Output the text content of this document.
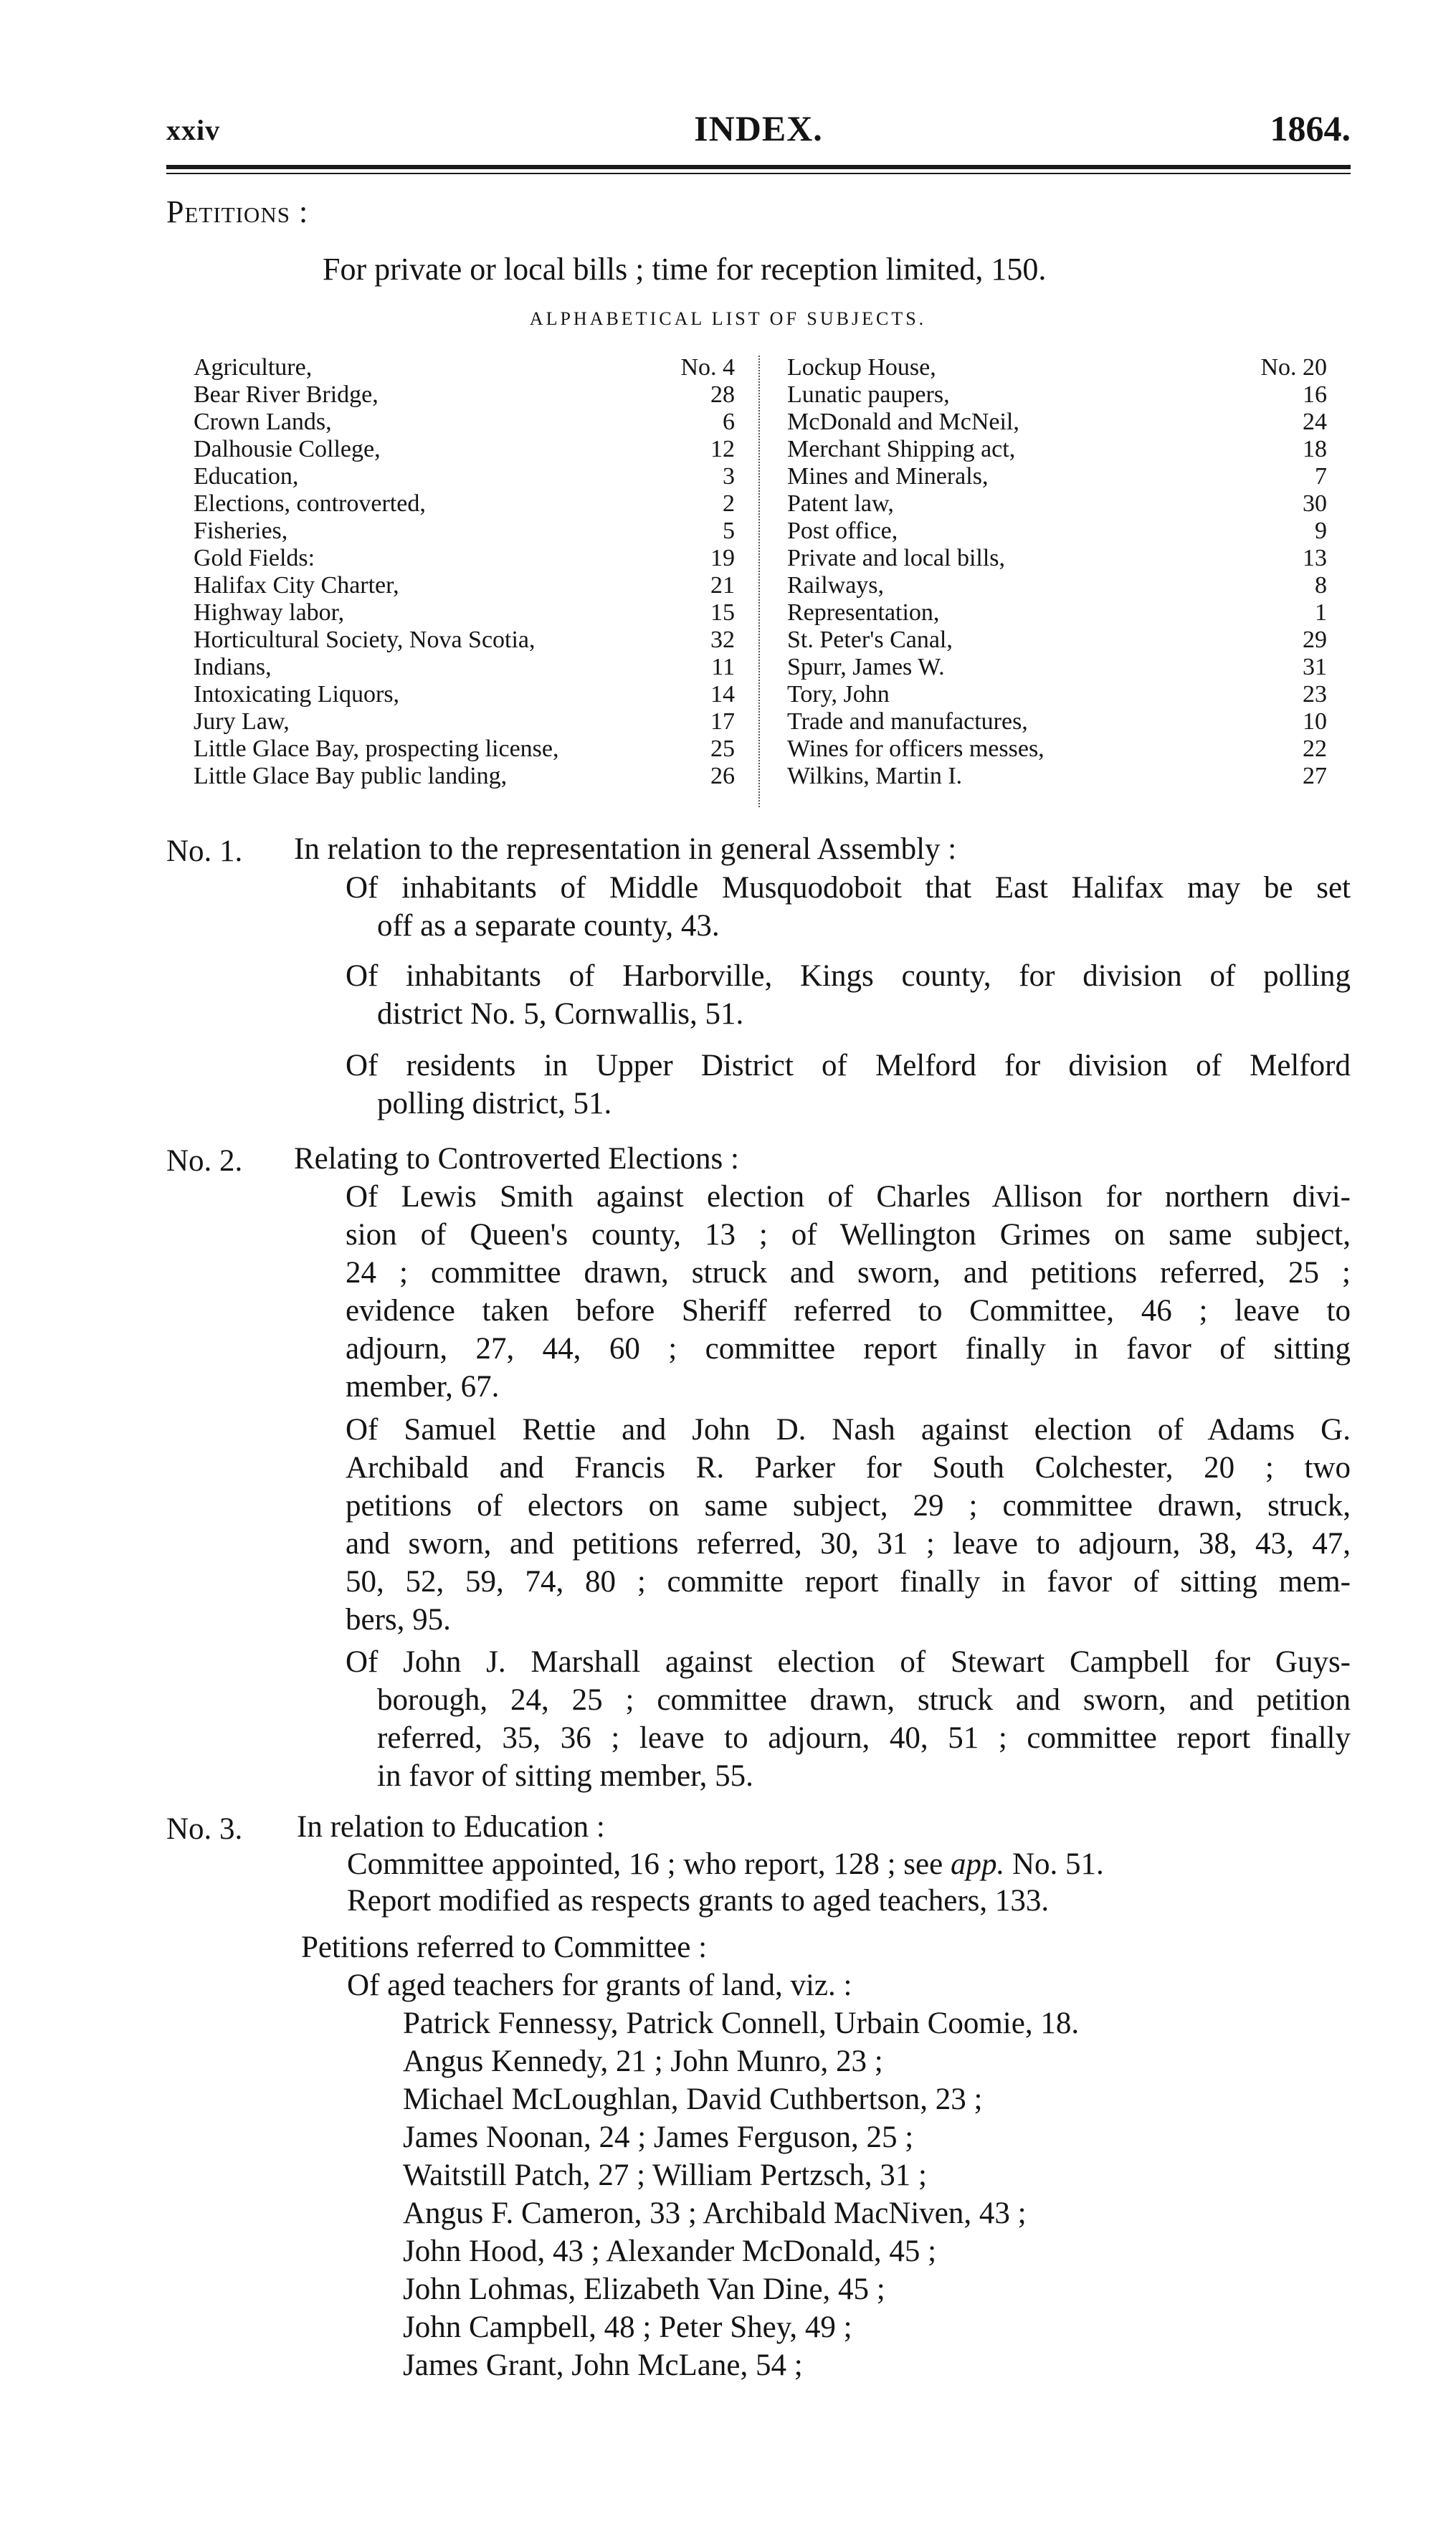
xxiv	INDEX.	1864.
Petitions :
For private or local bills ; time for reception limited, 150.
ALPHABETICAL LIST OF SUBJECTS.
Agriculture,	No. 4
Bear River Bridge,	28
Crown Lands,	6
Dalhousie College,	12
Education,	3
Elections, controverted,	2
Fisheries,	5
Gold Fields:	19
Halifax City Charter,	21
Highway labor,	15
Horticultural Society, Nova Scotia,	32
Indians,	11
Intoxicating Liquors,	14
Jury Law,	17
Little Glace Bay, prospecting license,	25
Little Glace Bay public landing,	26
Lockup House,	No. 20
Lunatic paupers,	16
McDonald and McNeil,	24
Merchant Shipping act,	18
Mines and Minerals,	7
Patent law,	30
Post office,	9
Private and local bills,	13
Railways,	8
Representation,	1
St. Peter's Canal,	29
Spurr, James W.	31
Tory, John	23
Trade and manufactures,	10
Wines for officers messes,	22
Wilkins, Martin I.	27
No. 1. In relation to the representation in general Assembly :
Of inhabitants of Middle Musquodoboit that East Halifax may be set
off as a separate county, 43.
Of inhabitants of Harborville, Kings county, for division of polling
district No. 5, Cornwallis, 51.
Of residents in Upper District of Melford for division of Melford
polling district, 51.
No. 2. Relating to Controverted Elections :
Of Lewis Smith against election of Charles Allison for northern divi-
sion of Queen's county, 13 ; of Wellington Grimes on same subject,
24 ; committee drawn, struck and sworn, and petitions referred, 25 ;
evidence taken before Sheriff referred to Committee, 46 ; leave to
adjourn, 27, 44, 60 ; committee report finally in favor of sitting
member, 67.
Of Samuel Rettie and John D. Nash against election of Adams G.
Archibald and Francis R. Parker for South Colchester, 20 ; two
petitions of electors on same subject, 29 ; committee drawn, struck,
and sworn, and petitions referred, 30, 31 ; leave to adjourn, 38, 43, 47,
50, 52, 59, 74, 80 ; committe report finally in favor of sitting mem-
bers, 95.
Of John J. Marshall against election of Stewart Campbell for Guys-
borough, 24, 25 ; committee drawn, struck and sworn, and petition
referred, 35, 36 ; leave to adjourn, 40, 51 ; committee report finally
in favor of sitting member, 55.
No. 3. In relation to Education :
Committee appointed, 16 ; who report, 128 ; see app. No. 51.
Report modified as respects grants to aged teachers, 133.
Petitions referred to Committee :
Of aged teachers for grants of land, viz. :
Patrick Fennessy, Patrick Connell, Urbain Coomie, 18.
Angus Kennedy, 21 ; John Munro, 23 ;
Michael McLoughlan, David Cuthbertson, 23 ;
James Noonan, 24 ; James Ferguson, 25 ;
Waitstill Patch, 27 ; William Pertzsch, 31 ;
Angus F. Cameron, 33 ; Archibald MacNiven, 43 ;
John Hood, 43 ; Alexander McDonald, 45 ;
John Lohmas, Elizabeth Van Dine, 45 ;
John Campbell, 48 ; Peter Shey, 49 ;
James Grant, John McLane, 54 ;
